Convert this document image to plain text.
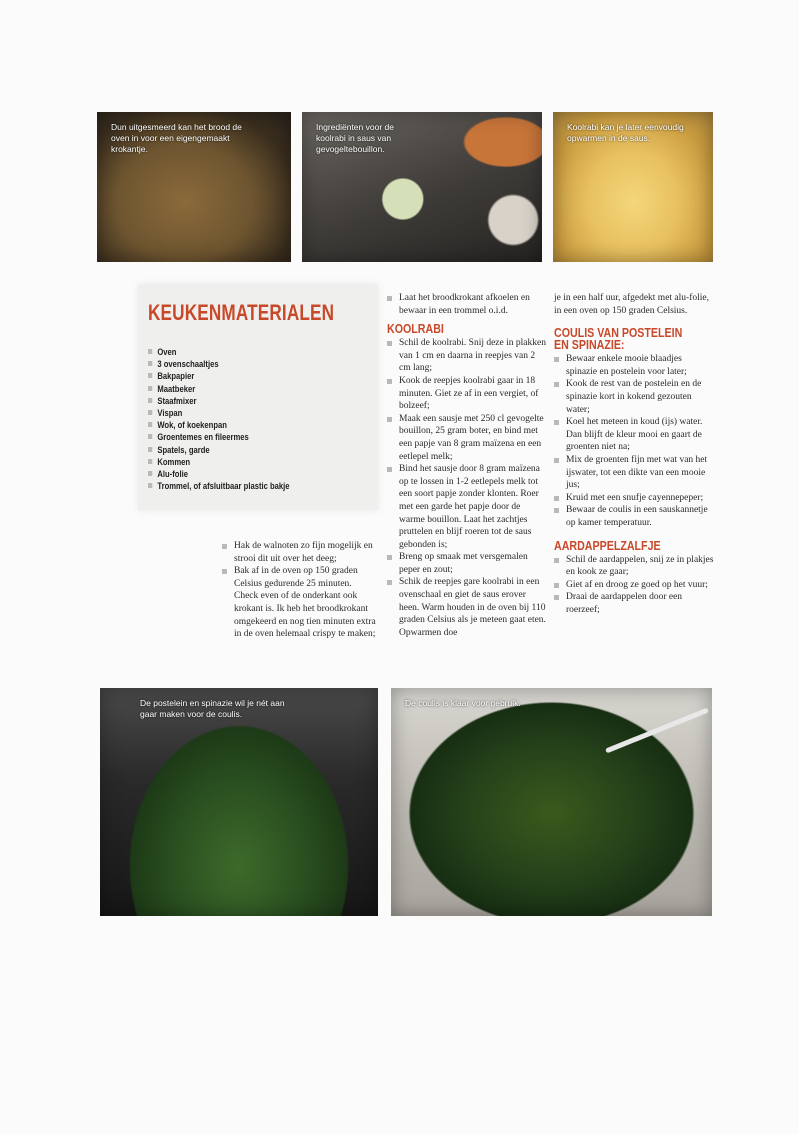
Dun uitgesmeerd kan het brood de oven in voor een eigengemaakt krokantje.
Ingrediënten voor de koolrabi in saus van gevogeltebouillon.
Koolrabi kan je later eenvoudig opwarmen in de saus.
KEUKENMATERIALEN
Oven
3 ovenschaaltjes
Bakpapier
Maatbeker
Staafmixer
Vispan
Wok, of koekenpan
Groentemes en fileermes
Spatels, garde
Kommen
Alu-folie
Trommel, of afsluitbaar plastic bakje

Laat het broodkrokant afkoelen en bewaar in een trommel o.i.d.

KOOLRABI

Schil de koolrabi. Snij deze in plakken van 1 cm en daarna in reepjes van 2 cm lang;

Kook de reepjes koolrabi gaar in 18 minuten. Giet ze af in een vergiet, of bolzeef;

Maak een sausje met 250 cl gevogelte bouillon, 25 gram boter, en bind met een papje van 8 gram maïzena en een eetlepel melk;

Bind het sausje door 8 gram maïzena op te lossen in 1-2 eetlepels melk tot een soort papje zonder klonten. Roer met een garde het papje door de warme bouillon. Laat het zachtjes pruttelen en blijf roeren tot de saus gebonden is;

Breng op smaak met versgemalen peper en zout;

Schik de reepjes gare koolrabi in een ovenschaal en giet de saus erover heen. Warm houden in de oven bij 110 graden Celsius als je meteen gaat eten. Opwarmen doe

je in een half uur, afgedekt met alu-folie, in een oven op 150 graden Celsius.

COULIS VAN POSTELEIN EN SPINAZIE:

Bewaar enkele mooie blaadjes spinazie en postelein voor later;

Kook de rest van de postelein en de spinazie kort in kokend gezouten water;

Koel het meteen in koud (ijs) water. Dan blijft de kleur mooi en gaart de groenten niet na;

Mix de groenten fijn met wat van het ijswater, tot een dikte van een mooie jus;

Kruid met een snufje cayennepeper;

Bewaar de coulis in een sauskannetje op kamer temperatuur.

AARDAPPELZALFJE

Schil de aardappelen, snij ze in plakjes en kook ze gaar;

Giet af en droog ze goed op het vuur;

Draai de aardappelen door een roerzeef;

Hak de walnoten zo fijn mogelijk en strooi dit uit over het deeg;

Bak af in de oven op 150 graden Celsius gedurende 25 minuten. Check even of de onderkant ook krokant is. Ik heb het broodkrokant omgekeerd en nog tien minuten extra in de oven helemaal crispy te maken;

De postelein en spinazie wil je nét aan gaar maken voor de coulis.
De coulis is klaar voor gebruik.
